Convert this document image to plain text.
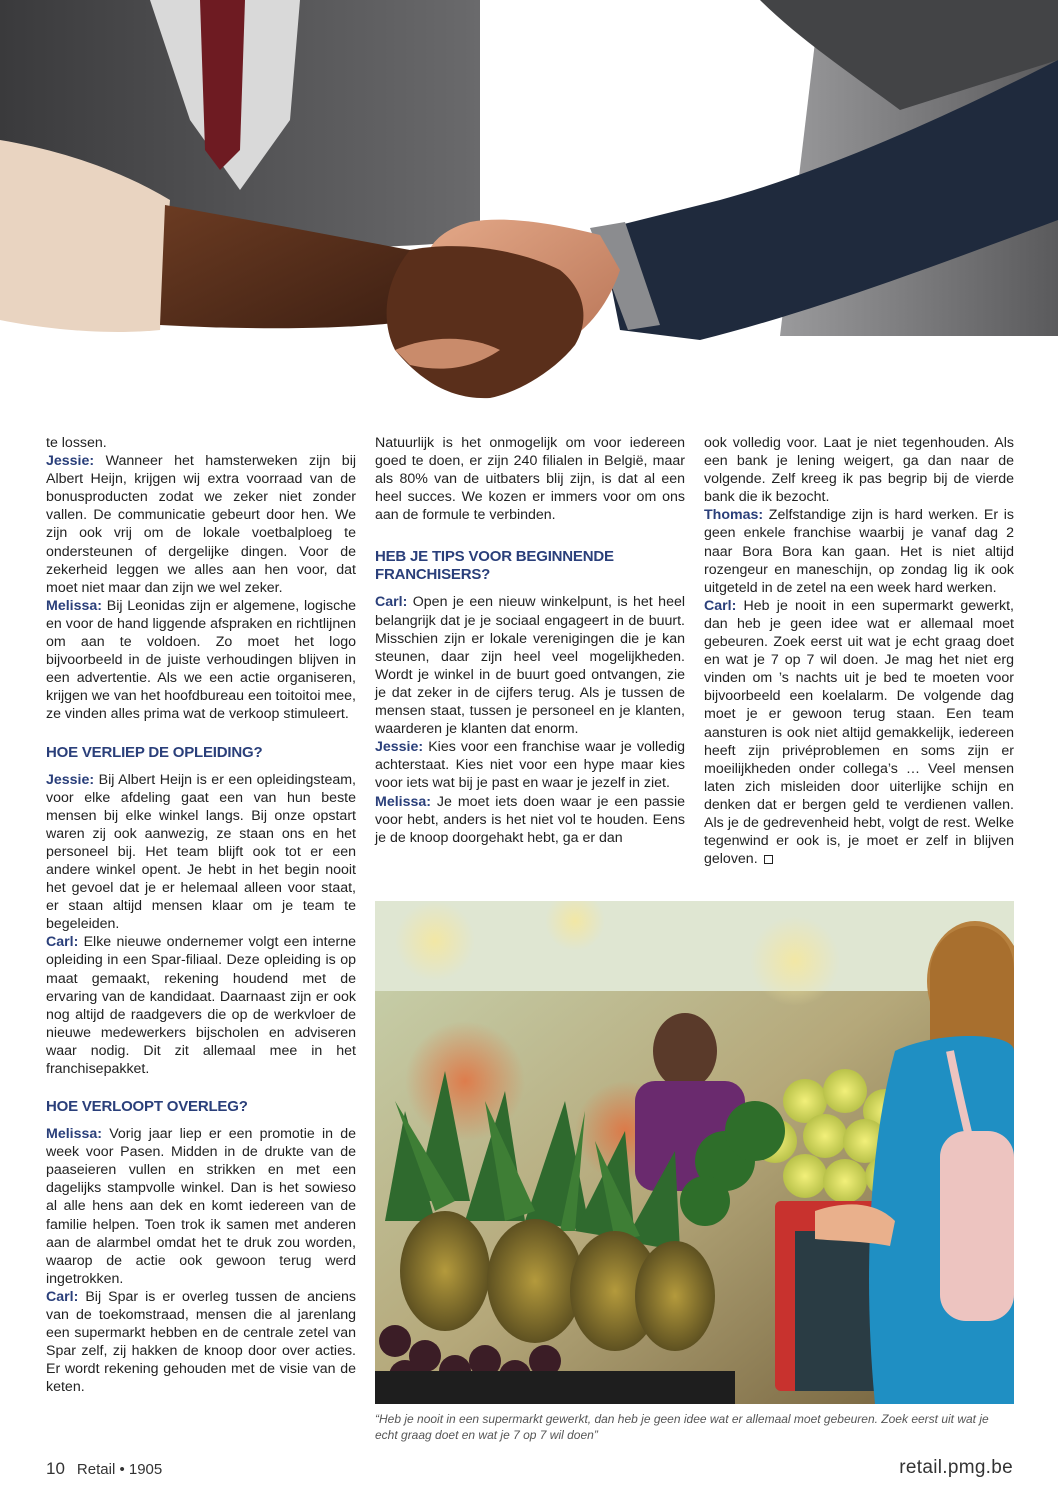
te lossen.

Jessie: Wanneer het hamsterweken zijn bij Albert Heijn, krijgen wij extra voorraad van de bonusproducten zodat we zeker niet zonder vallen. De communicatie gebeurt door hen. We zijn ook vrij om de lokale voetbalploeg te ondersteunen of dergelijke dingen. Voor de zekerheid leggen we alles aan hen voor, dat moet niet maar dan zijn we wel zeker.

Melissa: Bij Leonidas zijn er algemene, logische en voor de hand liggende afspraken en richtlijnen om aan te voldoen. Zo moet het logo bijvoorbeeld in de juiste verhoudingen blijven in een advertentie. Als we een actie organiseren, krijgen we van het hoofdbureau een toitoitoi mee, ze vinden alles prima wat de verkoop stimuleert.

HOE VERLIEP DE OPLEIDING?

Jessie: Bij Albert Heijn is er een opleidingsteam, voor elke afdeling gaat een van hun beste mensen bij elke winkel langs. Bij onze opstart waren zij ook aanwezig, ze staan ons en het personeel bij. Het team blijft ook tot er een andere winkel opent. Je hebt in het begin nooit het gevoel dat je er helemaal alleen voor staat, er staan altijd mensen klaar om je team te begeleiden.

Carl: Elke nieuwe ondernemer volgt een interne opleiding in een Spar-filiaal. Deze opleiding is op maat gemaakt, rekening houdend met de ervaring van de kandidaat. Daarnaast zijn er ook nog altijd de raadgevers die op de werkvloer de nieuwe medewerkers bijscholen en adviseren waar nodig. Dit zit allemaal mee in het franchisepakket.

HOE VERLOOPT OVERLEG?

Melissa: Vorig jaar liep er een promotie in de week voor Pasen. Midden in de drukte van de paaseieren vullen en strikken en met een dagelijks stampvolle winkel. Dan is het sowieso al alle hens aan dek en komt iedereen van de familie helpen. Toen trok ik samen met anderen aan de alarmbel omdat het te druk zou worden, waarop de actie ook gewoon terug werd ingetrokken.

Carl: Bij Spar is er overleg tussen de anciens van de toekomstraad, mensen die al jarenlang een supermarkt hebben en de centrale zetel van Spar zelf, zij hakken de knoop door over acties. Er wordt rekening gehouden met de visie van de keten.

Natuurlijk is het onmogelijk om voor iedereen goed te doen, er zijn 240 filialen in België, maar als 80% van de uitbaters blij zijn, is dat al een heel succes. We kozen er immers voor om ons aan de formule te verbinden.

HEB JE TIPS VOOR BEGINNENDE FRANCHISERS?

Carl: Open je een nieuw winkelpunt, is het heel belangrijk dat je je sociaal engageert in de buurt. Misschien zijn er lokale verenigingen die je kan steunen, daar zijn heel veel mogelijkheden. Wordt je winkel in de buurt goed ontvangen, zie je dat zeker in de cijfers terug. Als je tussen de mensen staat, tussen je personeel en je klanten, waarderen je klanten dat enorm.

Jessie: Kies voor een franchise waar je volledig achterstaat. Kies niet voor een hype maar kies voor iets wat bij je past en waar je jezelf in ziet.

Melissa: Je moet iets doen waar je een passie voor hebt, anders is het niet vol te houden. Eens je de knoop doorgehakt hebt, ga er dan

ook volledig voor. Laat je niet tegenhouden. Als een bank je lening weigert, ga dan naar de volgende. Zelf kreeg ik pas begrip bij de vierde bank die ik bezocht.

Thomas: Zelfstandige zijn is hard werken. Er is geen enkele franchise waarbij je vanaf dag 2 naar Bora Bora kan gaan. Het is niet altijd rozengeur en maneschijn, op zondag lig ik ook uitgeteld in de zetel na een week hard werken.

Carl: Heb je nooit in een supermarkt gewerkt, dan heb je geen idee wat er allemaal moet gebeuren. Zoek eerst uit wat je echt graag doet en wat je 7 op 7 wil doen. Je mag het niet erg vinden om ’s nachts uit je bed te moeten voor bijvoorbeeld een koelalarm. De volgende dag moet je er gewoon terug staan. Een team aansturen is ook niet altijd gemakkelijk, iedereen heeft zijn privéproblemen en soms zijn er moeilijkheden onder collega’s … Veel mensen laten zich misleiden door uiterlijke schijn en denken dat er bergen geld te verdienen vallen. Als je de gedrevenheid hebt, volgt de rest. Welke tegenwind er ook is, je moet er zelf in blijven geloven.

“Heb je nooit in een supermarkt gewerkt, dan heb je geen idee wat er allemaal moet gebeuren. Zoek eerst uit wat je echt graag doet en wat je 7 op 7 wil doen”
10 Retail • 1905	retail.pmg.be
